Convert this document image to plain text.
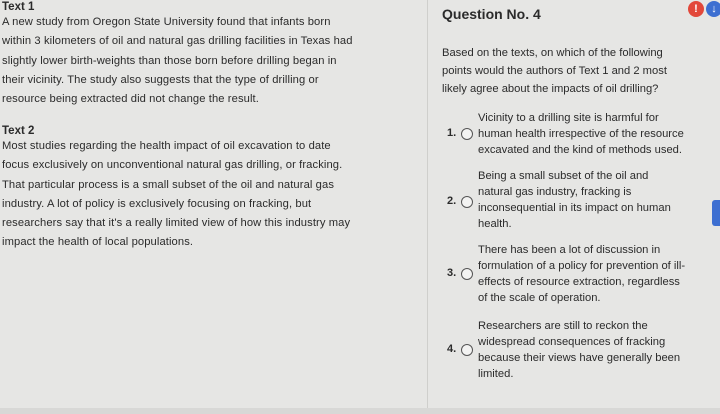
Text 1
A new study from Oregon State University found that infants born
within 3 kilometers of oil and natural gas drilling facilities in Texas had
slightly lower birth-weights than those born before drilling began in
their vicinity. The study also suggests that the type of drilling or
resource being extracted did not change the result.
Text 2
Most studies regarding the health impact of oil excavation to date
focus exclusively on unconventional natural gas drilling, or fracking.
That particular process is a small subset of the oil and natural gas
industry. A lot of policy is exclusively focusing on fracking, but
researchers say that it's a really limited view of how this industry may
impact the health of local populations.
Question No. 4	!	↓
Based on the texts, on which of the following
points would the authors of Text 1 and 2 most
likely agree about the impacts of oil drilling?
1.
Vicinity to a drilling site is harmful for
human health irrespective of the resource
excavated and the kind of methods used.
2.
Being a small subset of the oil and
natural gas industry, fracking is
inconsequential in its impact on human
health.
3.
There has been a lot of discussion in
formulation of a policy for prevention of ill-
effects of resource extraction, regardless
of the scale of operation.
4.
Researchers are still to reckon the
widespread consequences of fracking
because their views have generally been
limited.
